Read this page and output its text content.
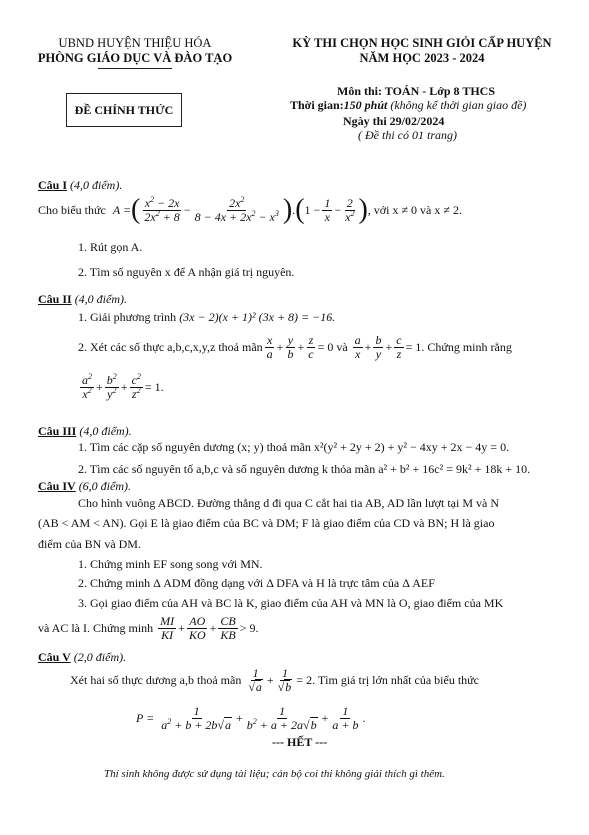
UBND HUYỆN THIỆU HÓA
PHÒNG GIÁO DỤC VÀ ĐÀO TẠO
KỲ THI CHỌN HỌC SINH GIỎI CẤP HUYỆN
NĂM HỌC 2023 - 2024
ĐỀ CHÍNH THỨC
Môn thi: TOÁN - Lớp 8 THCS
Thời gian:150 phút (không kể thời gian giao đề)
Ngày thi 29/02/2024
( Đề thi có 01 trang)
Câu I (4,0 điểm).
Cho biểu thức A = ( $\frac{x^2 - 2x}{2x^2 + 8} - \frac{2x^2}{8 - 4x + 2x^2 - x^3}$ ) . ( $1 - \frac{1}{x} - \frac{2}{x^2}$ ) , với x ≠ 0 và x ≠ 2.
1. Rút gọn A.
2. Tìm số nguyên x để A nhận giá trị nguyên.
Câu II (4,0 điểm).
1. Giải phương trình (3x − 2)(x + 1)² (3x + 8) = −16.
2. Xét các số thực a,b,c,x,y,z thoả mãn $\frac{x}{a} + \frac{y}{b} + \frac{z}{c} = 0$ và
$\frac{a}{x} + \frac{b}{y} + \frac{c}{z} = 1$ . Chứng minh rằng
$\frac{a^2}{x^2} + \frac{b^2}{y^2} + \frac{c^2}{z^2} = 1$.
Câu III (4,0 điểm).
1. Tìm các cặp số nguyên dương (x; y) thoả mãn x²(y² + 2y + 2) + y² − 4xy + 2x − 4y = 0.
2. Tìm các số nguyên tố a,b,c và số nguyên dương k thỏa mãn a² + b² + 16c² = 9k² + 18k + 10.
Câu IV (6,0 điểm).
Cho hình vuông ABCD. Đường thẳng d đi qua C cắt hai tia AB, AD lần lượt tại M và N
(AB < AM < AN). Gọi E là giao điểm của BC và DM; F là giao điểm của CD và BN; H là giao
điểm của BN và DM.
1. Chứng minh EF song song với MN.
2. Chứng minh Δ ADM đồng dạng với Δ DFA và H là trực tâm của Δ AEF
3. Gọi giao điểm của AH và BC là K, giao điểm của AH và MN là O, giao điểm của MK
và AC là I. Chứng minh
$\frac{MI}{KI} + \frac{AO}{KO} + \frac{CB}{KB} > 9$.
Câu V (2,0 điểm).
Xét hai số thực dương a,b thoả mãn
$\frac{1}{√a} + \frac{1}{√b} = 2$. Tìm giá trị lớn nhất của biểu thức
$P = \frac{1}{a^2 + b + 2b√a} + \frac{1}{b^2 + a + 2a√b} + \frac{1}{a + b}$ .
--- HẾT ---
Thí sinh không được sử dụng tài liệu; cán bộ coi thi không giải thích gì thêm.
